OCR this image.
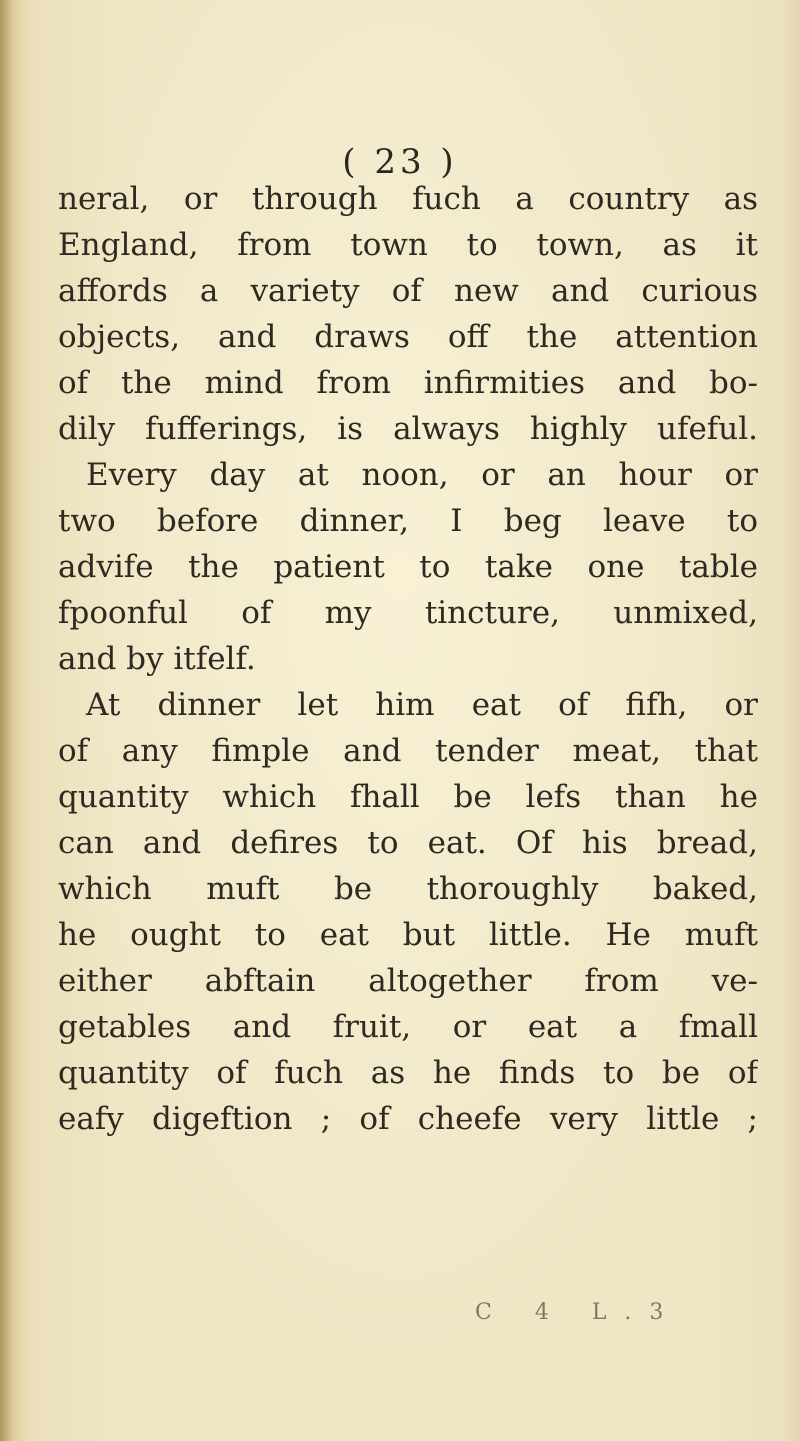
( 23 )
neral, or through fuch a country as
England, from town to town, as it
affords a variety of new and curious
objects, and draws off the attention
of the mind from infirmities and bo-
dily fufferings, is always highly ufeful.
Every day at noon, or an hour or
two before dinner, I beg leave to
advife the patient to take one table
fpoonful of my tincture, unmixed,
and by itfelf.
At dinner let him eat of fifh, or
of any fimple and tender meat, that
quantity which fhall be lefs than he
can and defires to eat. Of his bread,
which muft be thoroughly baked,
he ought to eat but little. He muft
either abftain altogether from ve-
getables and fruit, or eat a fmall
quantity of fuch as he finds to be of
eafy digeftion ; of cheefe very little ;
C 4 L.3
